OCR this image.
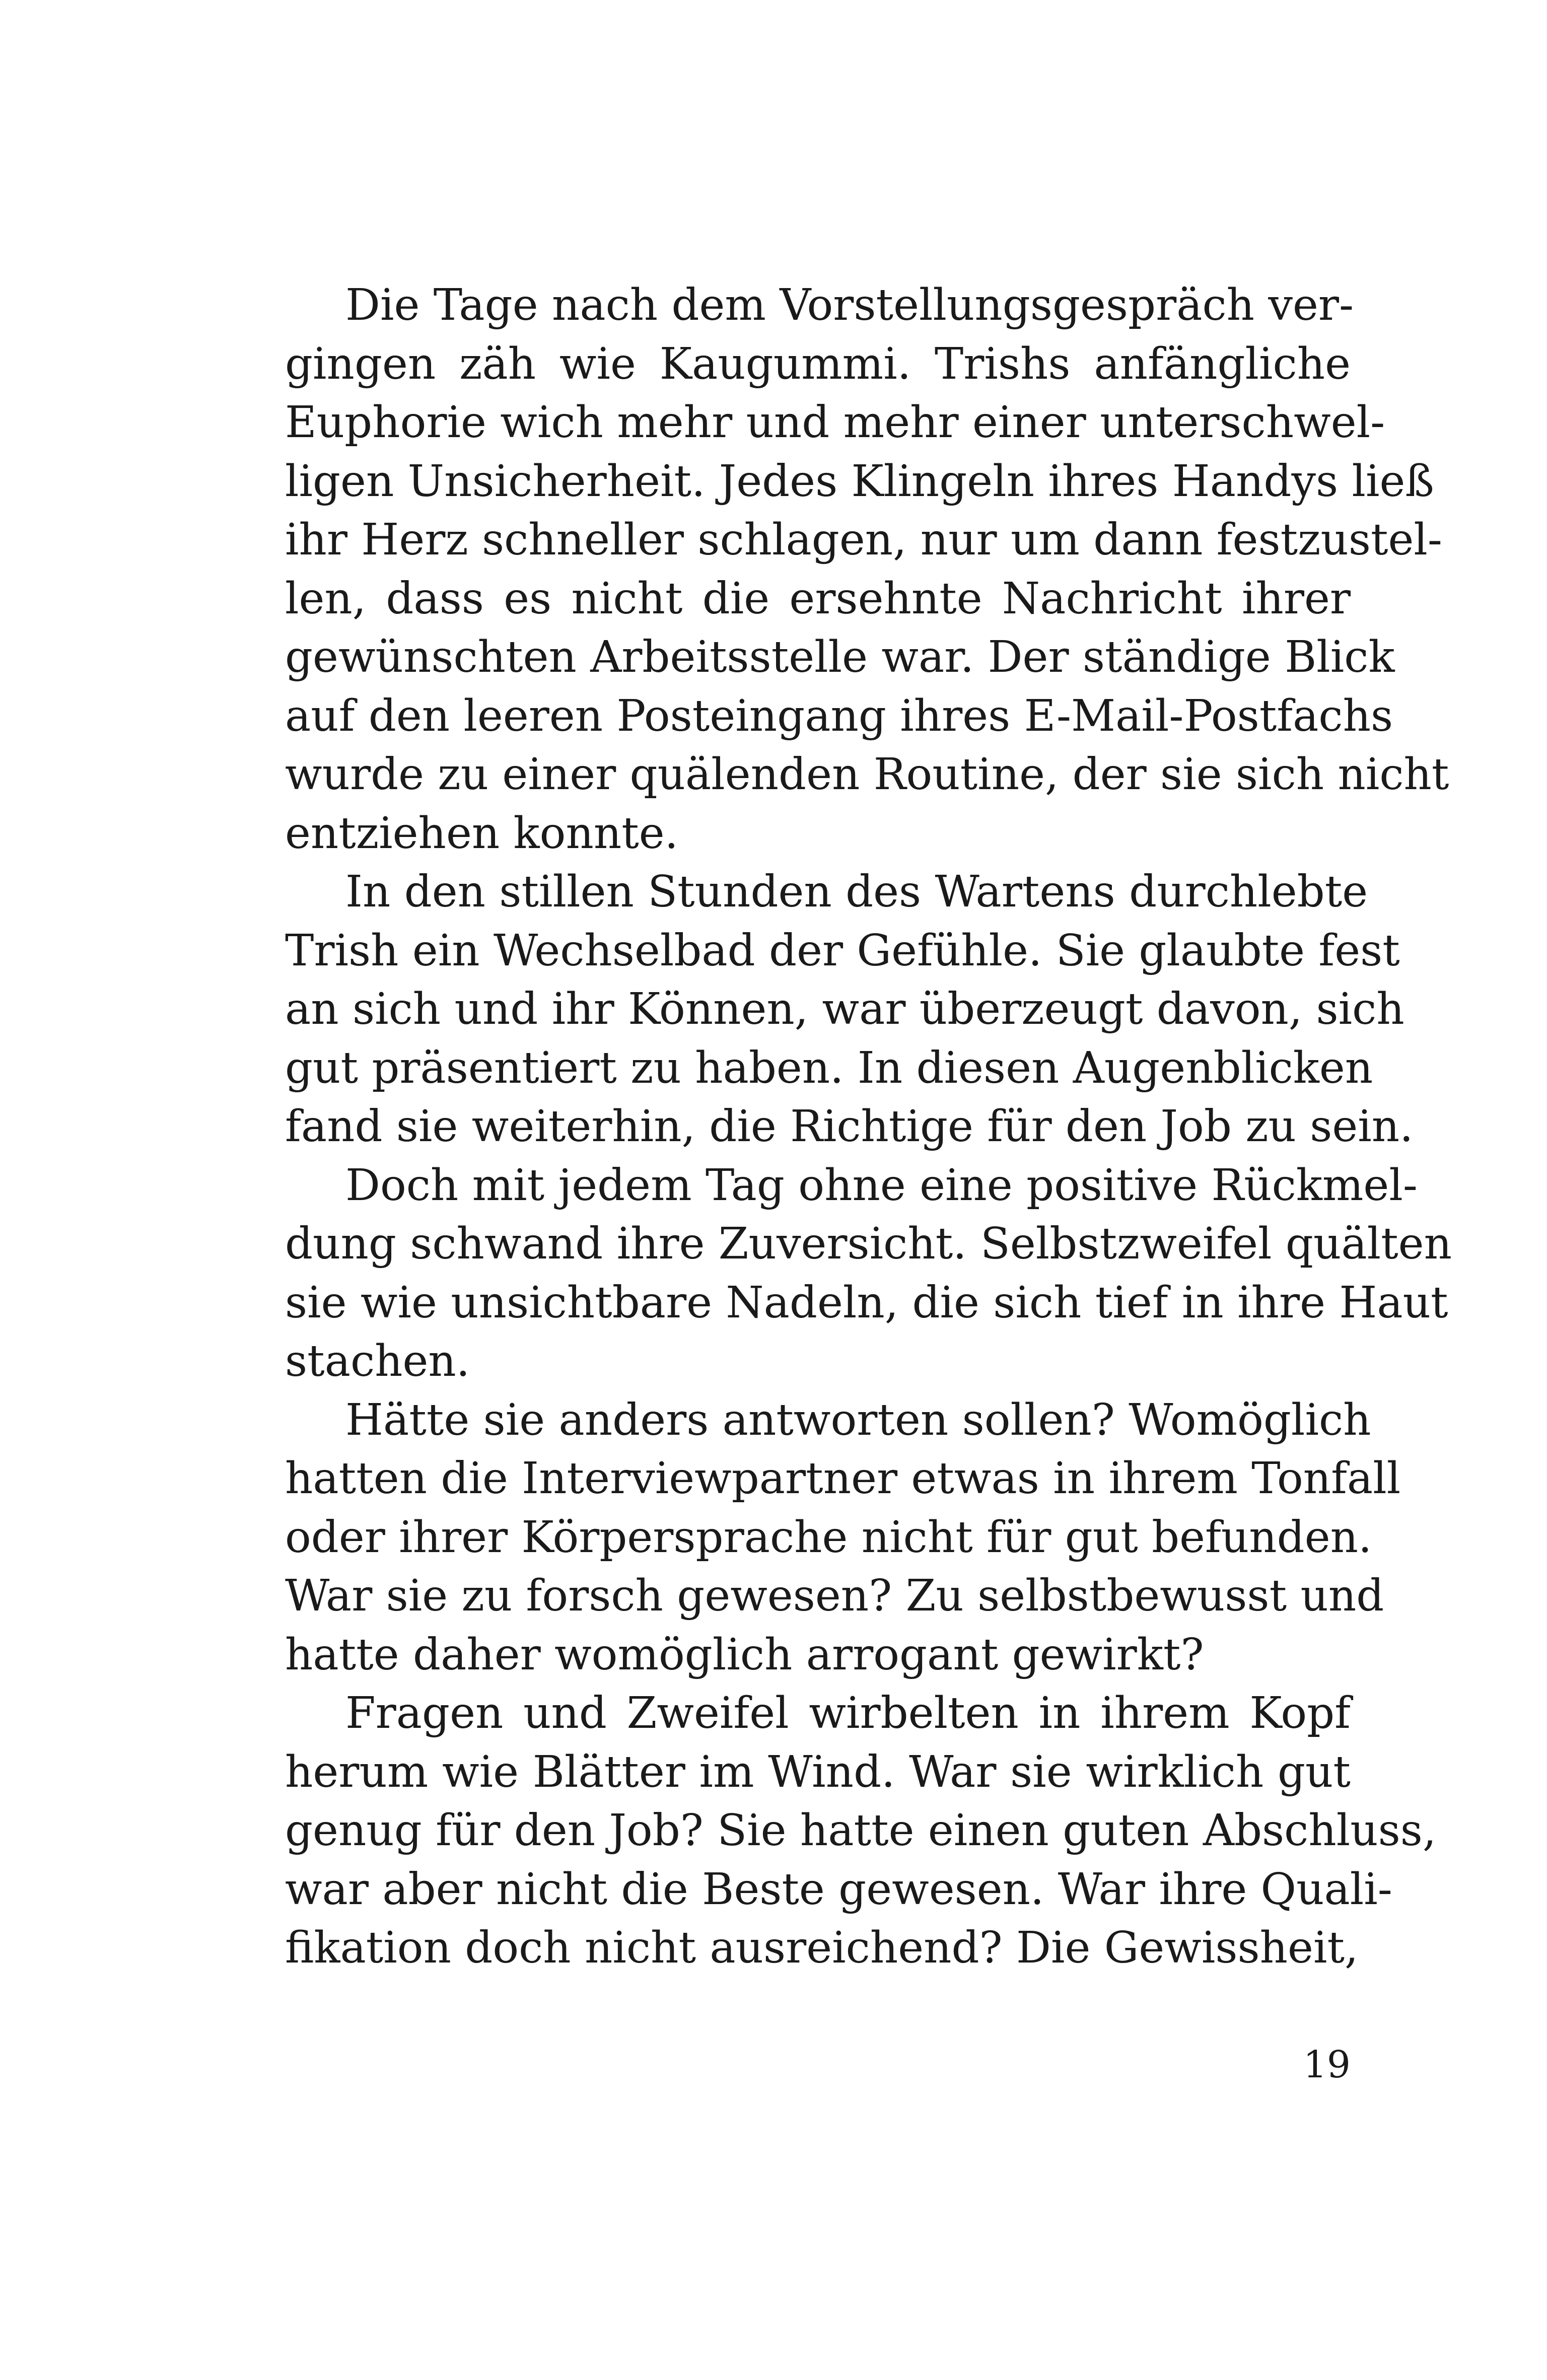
Die Tage nach dem Vorstellungsgespräch ver-
gingen zäh wie Kaugummi. Trishs anfängliche
Euphorie wich mehr und mehr einer unterschwel-
ligen Unsicherheit. Jedes Klingeln ihres Handys ließ
ihr Herz schneller schlagen, nur um dann festzustel-
len, dass es nicht die ersehnte Nachricht ihrer
gewünschten Arbeitsstelle war. Der ständige Blick
auf den leeren Posteingang ihres E-Mail-Postfachs
wurde zu einer quälenden Routine, der sie sich nicht
entziehen konnte.
In den stillen Stunden des Wartens durchlebte
Trish ein Wechselbad der Gefühle. Sie glaubte fest
an sich und ihr Können, war überzeugt davon, sich
gut präsentiert zu haben. In diesen Augenblicken
fand sie weiterhin, die Richtige für den Job zu sein.
Doch mit jedem Tag ohne eine positive Rückmel-
dung schwand ihre Zuversicht. Selbstzweifel quälten
sie wie unsichtbare Nadeln, die sich tief in ihre Haut
stachen.
Hätte sie anders antworten sollen? Womöglich
hatten die Interviewpartner etwas in ihrem Tonfall
oder ihrer Körpersprache nicht für gut befunden.
War sie zu forsch gewesen? Zu selbstbewusst und
hatte daher womöglich arrogant gewirkt?
Fragen und Zweifel wirbelten in ihrem Kopf
herum wie Blätter im Wind. War sie wirklich gut
genug für den Job? Sie hatte einen guten Abschluss,
war aber nicht die Beste gewesen. War ihre Quali-
fikation doch nicht ausreichend? Die Gewissheit,
19
